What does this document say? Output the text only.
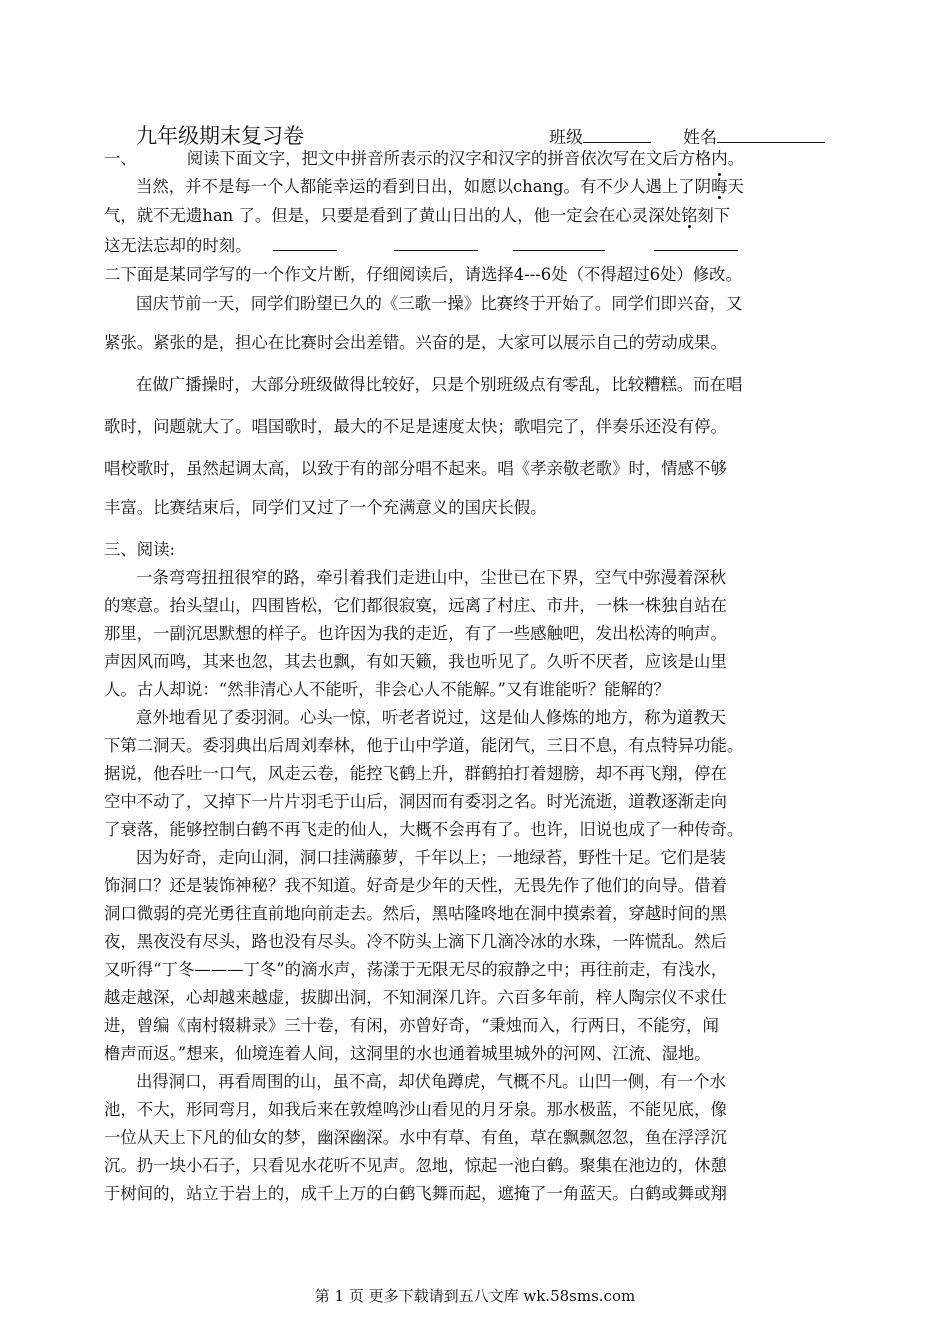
九年级期末复习卷	班级	姓名
一、	阅读下面文字，把文中拼音所表示的汉字和汉字的拼音依次写在文后方格内。
当然，并不是每一个人都能幸运的看到日出，如愿以chang。有不少人遇上了阴晦天
气，就不无遗han 了。但是，只要是看到了黄山日出的人，他一定会在心灵深处铭刻下
这无法忘却的时刻。
二下面是某同学写的一个作文片断，仔细阅读后，请选择4---6处（不得超过6处）修改。
国庆节前一天，同学们盼望已久的《三歌一操》比赛终于开始了。同学们即兴奋，又
紧张。紧张的是，担心在比赛时会出差错。兴奋的是，大家可以展示自己的劳动成果。
在做广播操时，大部分班级做得比较好，只是个别班级点有零乱，比较糟糕。而在唱
歌时，问题就大了。唱国歌时，最大的不足是速度太快；歌唱完了，伴奏乐还没有停。
唱校歌时，虽然起调太高，以致于有的部分唱不起来。唱《孝亲敬老歌》时，情感不够
丰富。比赛结束后，同学们又过了一个充满意义的国庆长假。
三、阅读:
一条弯弯扭扭很窄的路，牵引着我们走进山中，尘世已在下界，空气中弥漫着深秋
的寒意。抬头望山，四围皆松，它们都很寂寞，远离了村庄、市井，一株一株独自站在
那里，一副沉思默想的样子。也许因为我的走近，有了一些感触吧，发出松涛的响声。
声因风而鸣，其来也忽，其去也飘，有如天籁，我也听见了。久听不厌者，应该是山里
人。古人却说：“然非清心人不能听，非会心人不能解。”又有谁能听？能解的？
意外地看见了委羽洞。心头一惊，听老者说过，这是仙人修炼的地方，称为道教天
下第二洞天。委羽典出后周刘奉林，他于山中学道，能闭气，三日不息，有点特异功能。
据说，他吞吐一口气，风走云卷，能控飞鹤上升，群鹤拍打着翅膀，却不再飞翔，停在
空中不动了，又掉下一片片羽毛于山后，洞因而有委羽之名。时光流逝，道教逐渐走向
了衰落，能够控制白鹤不再飞走的仙人，大概不会再有了。也许，旧说也成了一种传奇。
因为好奇，走向山洞，洞口挂满藤萝，千年以上；一地绿苔，野性十足。它们是装
饰洞口？还是装饰神秘？我不知道。好奇是少年的天性，无畏先作了他们的向导。借着
洞口微弱的亮光勇往直前地向前走去。然后，黑咕隆咚地在洞中摸索着，穿越时间的黑
夜，黑夜没有尽头，路也没有尽头。冷不防头上滴下几滴冷冰的水珠，一阵慌乱。然后
又听得“丁冬———丁冬”的滴水声，荡漾于无限无尽的寂静之中；再往前走，有浅水，
越走越深，心却越来越虚，拔脚出洞，不知洞深几许。六百多年前，梓人陶宗仪不求仕
进，曾编《南村辍耕录》三十卷，有闲，亦曾好奇，“秉烛而入，行两日，不能穷，闻
橹声而返。”想来，仙境连着人间，这洞里的水也通着城里城外的河网、江流、湿地。
出得洞口，再看周围的山，虽不高，却伏龟蹲虎，气概不凡。山凹一侧，有一个水
池，不大，形同弯月，如我后来在敦煌鸣沙山看见的月牙泉。那水极蓝，不能见底，像
一位从天上下凡的仙女的梦，幽深幽深。水中有草、有鱼，草在飘飘忽忽，鱼在浮浮沉
沉。扔一块小石子，只看见水花听不见声。忽地，惊起一池白鹤。聚集在池边的，休憩
于树间的，站立于岩上的，成千上万的白鹤飞舞而起，遮掩了一角蓝天。白鹤或舞或翔
第 1 页 更多下载请到五八文库 wk.58sms.com
